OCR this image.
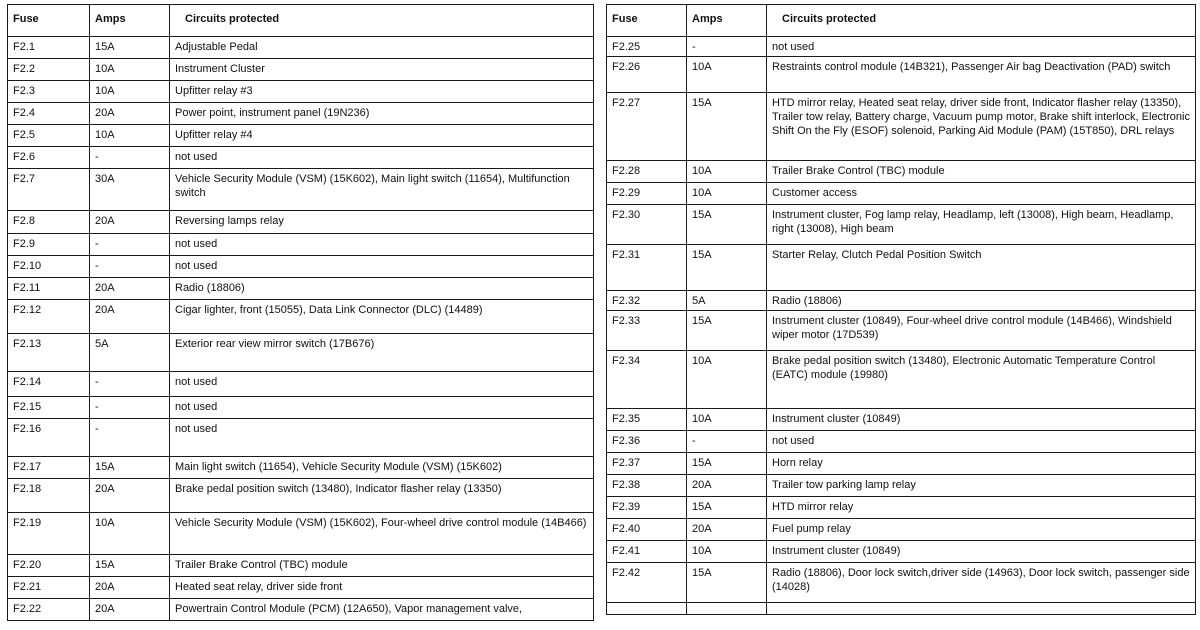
Fuse	Amps	Circuits protected
F2.1	15A	Adjustable Pedal
F2.2	10A	Instrument Cluster
F2.3	10A	Upfitter relay #3
F2.4	20A	Power point, instrument panel (19N236)
F2.5	10A	Upfitter relay #4
F2.6	-	not used
F2.7	30A	Vehicle Security Module (VSM) (15K602), Main light switch (11654), Multifunction switch
F2.8	20A	Reversing lamps relay
F2.9	-	not used
F2.10	-	not used
F2.11	20A	Radio (18806)
F2.12	20A	Cigar lighter, front (15055), Data Link Connector (DLC) (14489)
F2.13	5A	Exterior rear view mirror switch (17B676)
F2.14	-	not used
F2.15	-	not used
F2.16	-	not used
F2.17	15A	Main light switch (11654), Vehicle Security Module (VSM) (15K602)
F2.18	20A	Brake pedal position switch (13480), Indicator flasher relay (13350)
F2.19	10A	Vehicle Security Module (VSM) (15K602), Four-wheel drive control module (14B466)
F2.20	15A	Trailer Brake Control (TBC) module
F2.21	20A	Heated seat relay, driver side front
F2.22	20A	Powertrain Control Module (PCM) (12A650), Vapor management valve,
Fuse	Amps	Circuits protected
F2.25	-	not used
F2.26	10A	Restraints control module (14B321), Passenger Air bag Deactivation (PAD) switch
F2.27	15A	HTD mirror relay, Heated seat relay, driver side front, Indicator flasher relay (13350), Trailer tow relay, Battery charge, Vacuum pump motor, Brake shift interlock, Electronic Shift On the Fly (ESOF) solenoid, Parking Aid Module (PAM) (15T850), DRL relays
F2.28	10A	Trailer Brake Control (TBC) module
F2.29	10A	Customer access
F2.30	15A	Instrument cluster, Fog lamp relay, Headlamp, left (13008), High beam, Headlamp, right (13008), High beam
F2.31	15A	Starter Relay, Clutch Pedal Position Switch
F2.32	5A	Radio (18806)
F2.33	15A	Instrument cluster (10849), Four-wheel drive control module (14B466), Windshield wiper motor (17D539)
F2.34	10A	Brake pedal position switch (13480), Electronic Automatic Temperature Control (EATC) module (19980)
F2.35	10A	Instrument cluster (10849)
F2.36	-	not used
F2.37	15A	Horn relay
F2.38	20A	Trailer tow parking lamp relay
F2.39	15A	HTD mirror relay
F2.40	20A	Fuel pump relay
F2.41	10A	Instrument cluster (10849)
F2.42	15A	Radio (18806), Door lock switch,driver side (14963), Door lock switch, passenger side (14028)
